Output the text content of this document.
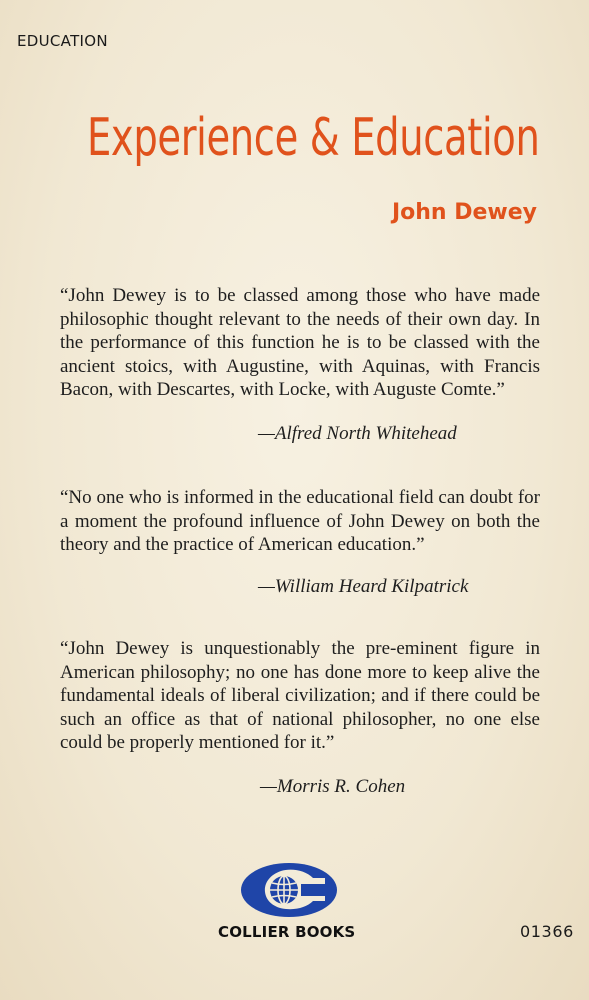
EDUCATION
Experience & Education
John Dewey

“John Dewey is to be classed among those who have made philosophic thought relevant to the needs of their own day. In the performance of this function he is to be classed with the ancient stoics, with Augustine, with Aquinas, with Francis Bacon, with Descartes, with Locke, with Auguste Comte.”

—Alfred North Whitehead

“No one who is informed in the educational field can doubt for a moment the profound influence of John Dewey on both the theory and the practice of American education.”

—William Heard Kilpatrick

“John Dewey is unquestionably the pre-eminent figure in American philosophy; no one has done more to keep alive the fundamental ideals of liberal civilization; and if there could be such an office as that of national philosopher, no one else could be properly mentioned for it.”

—Morris R. Cohen
COLLIER BOOKS	01366
